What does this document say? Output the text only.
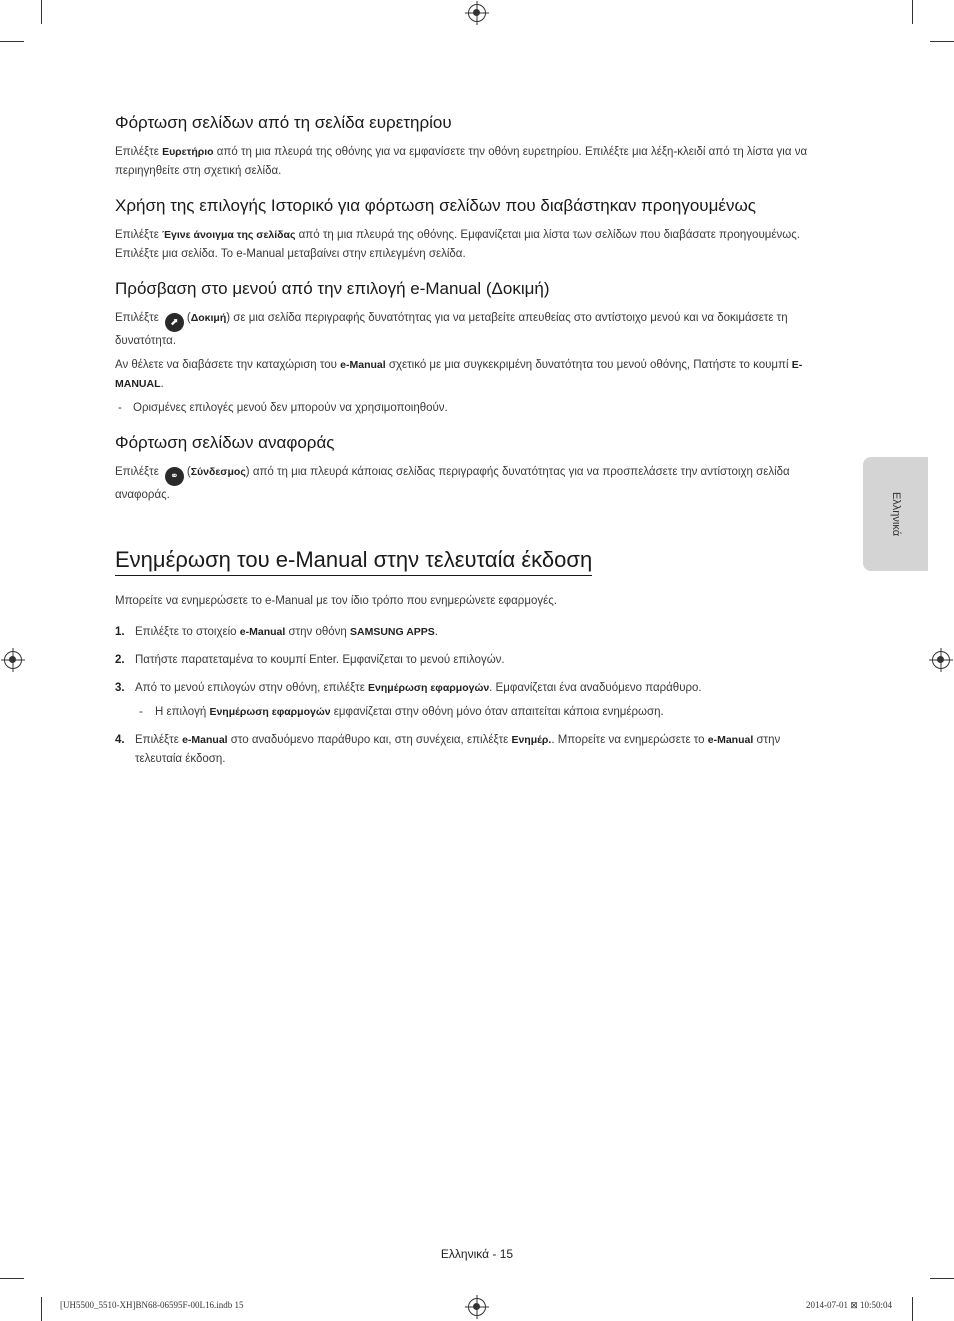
Φόρτωση σελίδων από τη σελίδα ευρετηρίου

Επιλέξτε Ευρετήριο από τη μια πλευρά της οθόνης για να εμφανίσετε την οθόνη ευρετηρίου. Επιλέξτε μια λέξη-κλειδί από τη λίστα για να περιηγηθείτε στη σχετική σελίδα.

Χρήση της επιλογής Ιστορικό για φόρτωση σελίδων που διαβάστηκαν προηγουμένως

Επιλέξτε Έγινε άνοιγμα της σελίδας από τη μια πλευρά της οθόνης. Εμφανίζεται μια λίστα των σελίδων που διαβάσατε προηγουμένως. Επιλέξτε μια σελίδα. Το e-Manual μεταβαίνει στην επιλεγμένη σελίδα.

Πρόσβαση στο μενού από την επιλογή e-Manual (Δοκιμή)

Επιλέξτε ⬈ (Δοκιμή) σε μια σελίδα περιγραφής δυνατότητας για να μεταβείτε απευθείας στο αντίστοιχο μενού και να δοκιμάσετε τη δυνατότητα.

Αν θέλετε να διαβάσετε την καταχώριση του e-Manual σχετικό με μια συγκεκριμένη δυνατότητα του μενού οθόνης, Πατήστε το κουμπί E-MANUAL.

- Ορισμένες επιλογές μενού δεν μπορούν να χρησιμοποιηθούν.

Φόρτωση σελίδων αναφοράς

Επιλέξτε ⚭ (Σύνδεσμος) από τη μια πλευρά κάποιας σελίδας περιγραφής δυνατότητας για να προσπελάσετε την αντίστοιχη σελίδα αναφοράς.

Ενημέρωση του e-Manual στην τελευταία έκδοση

Μπορείτε να ενημερώσετε το e-Manual με τον ίδιο τρόπο που ενημερώνετε εφαρμογές.

1. Επιλέξτε το στοιχείο e-Manual στην οθόνη SAMSUNG APPS.
2. Πατήστε παρατεταμένα το κουμπί Enter. Εμφανίζεται το μενού επιλογών.
3. Από το μενού επιλογών στην οθόνη, επιλέξτε Ενημέρωση εφαρμογών. Εμφανίζεται ένα αναδυόμενο παράθυρο.
- Η επιλογή Ενημέρωση εφαρμογών εμφανίζεται στην οθόνη μόνο όταν απαιτείται κάποια ενημέρωση.
4. Επιλέξτε e-Manual στο αναδυόμενο παράθυρο και, στη συνέχεια, επιλέξτε Ενημέρ.. Μπορείτε να ενημερώσετε το e-Manual στην τελευταία έκδοση.
Ελληνικά
Ελληνικά - 15
[UH5500_5510-XH]BN68-06595F-00L16.indb 15	2014-07-01 ⊠ 10:50:04
